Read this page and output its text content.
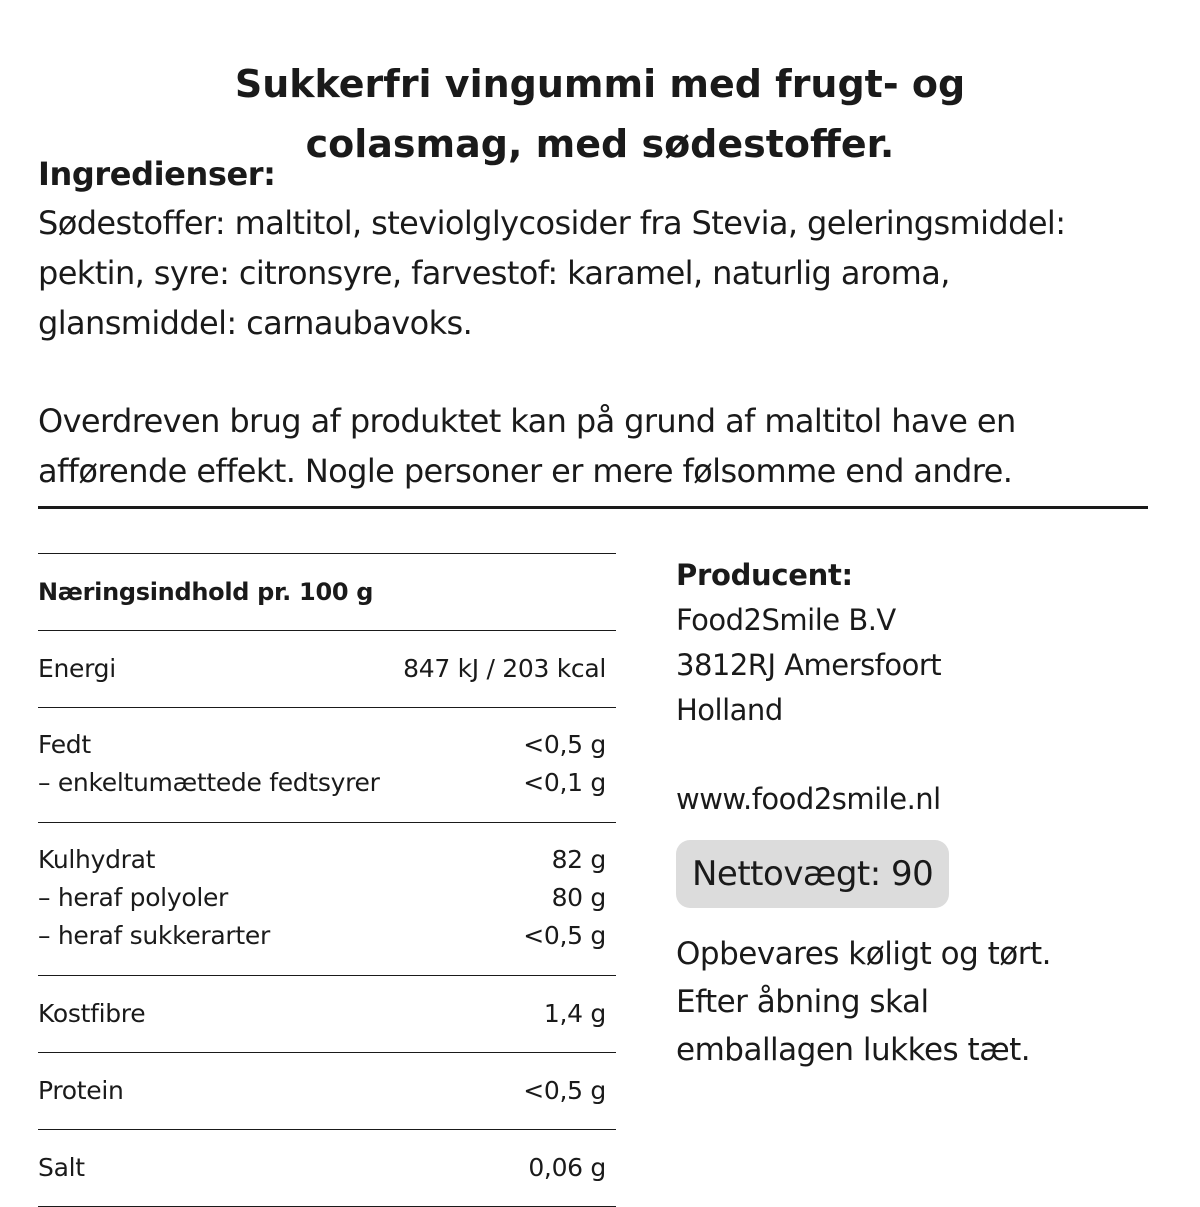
Sukkerfri vingummi med frugt- og
colasmag, med sødestoffer.
Ingredienser:

Sødestoffer: maltitol, steviolglycosider fra Stevia, geleringsmiddel: pektin, syre: citronsyre, farvestof: karamel, naturlig aroma, glansmiddel: carnaubavoks.

Overdreven brug af produktet kan på grund af maltitol have en afførende effekt. Nogle personer er mere følsomme end andre.

Næringsindhold pr. 100 g
Energi	847 kJ / 203 kcal
Fedt	<0,5 g
– enkeltumættede fedtsyrer	<0,1 g
Kulhydrat	82 g
– heraf polyoler	80 g
– heraf sukkerarter	<0,5 g
Kostfibre	1,4 g
Protein	<0,5 g
Salt	0,06 g
Producent:
Food2Smile B.V
3812RJ Amersfoort
Holland
www.food2smile.nl
Nettovægt: 90
Opbevares køligt og tørt.
Efter åbning skal
emballagen lukkes tæt.
